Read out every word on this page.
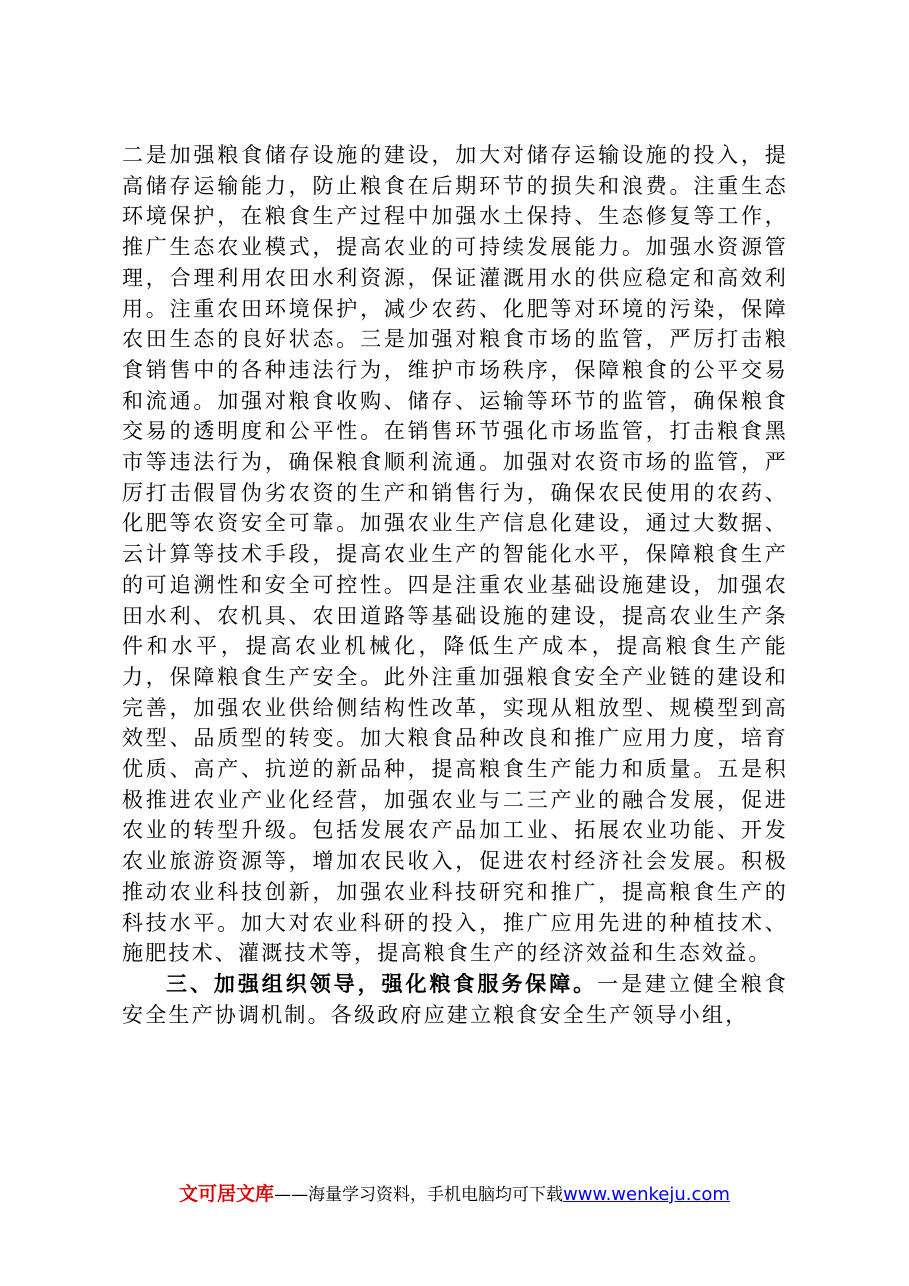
二是加强粮食储存设施的建设，加大对储存运输设施的投入，提高储存运输能力，防止粮食在后期环节的损失和浪费。注重生态环境保护，在粮食生产过程中加强水土保持、生态修复等工作，推广生态农业模式，提高农业的可持续发展能力。加强水资源管理，合理利用农田水利资源，保证灌溉用水的供应稳定和高效利用。注重农田环境保护，减少农药、化肥等对环境的污染，保障农田生态的良好状态。三是加强对粮食市场的监管，严厉打击粮食销售中的各种违法行为，维护市场秩序，保障粮食的公平交易和流通。加强对粮食收购、储存、运输等环节的监管，确保粮食交易的透明度和公平性。在销售环节强化市场监管，打击粮食黑市等违法行为，确保粮食顺利流通。加强对农资市场的监管，严厉打击假冒伪劣农资的生产和销售行为，确保农民使用的农药、化肥等农资安全可靠。加强农业生产信息化建设，通过大数据、云计算等技术手段，提高农业生产的智能化水平，保障粮食生产的可追溯性和安全可控性。四是注重农业基础设施建设，加强农田水利、农机具、农田道路等基础设施的建设，提高农业生产条件和水平，提高农业机械化，降低生产成本，提高粮食生产能力，保障粮食生产安全。此外注重加强粮食安全产业链的建设和完善，加强农业供给侧结构性改革，实现从粗放型、规模型到高效型、品质型的转变。加大粮食品种改良和推广应用力度，培育优质、高产、抗逆的新品种，提高粮食生产能力和质量。五是积极推进农业产业化经营，加强农业与二三产业的融合发展，促进农业的转型升级。包括发展农产品加工业、拓展农业功能、开发农业旅游资源等，增加农民收入，促进农村经济社会发展。积极推动农业科技创新，加强农业科技研究和推广，提高粮食生产的科技水平。加大对农业科研的投入，推广应用先进的种植技术、施肥技术、灌溉技术等，提高粮食生产的经济效益和生态效益。

三、加强组织领导，强化粮食服务保障。一是建立健全粮食安全生产协调机制。各级政府应建立粮食安全生产领导小组，

文可居文库——海量学习资料，手机电脑均可下载www.wenkeju.com
